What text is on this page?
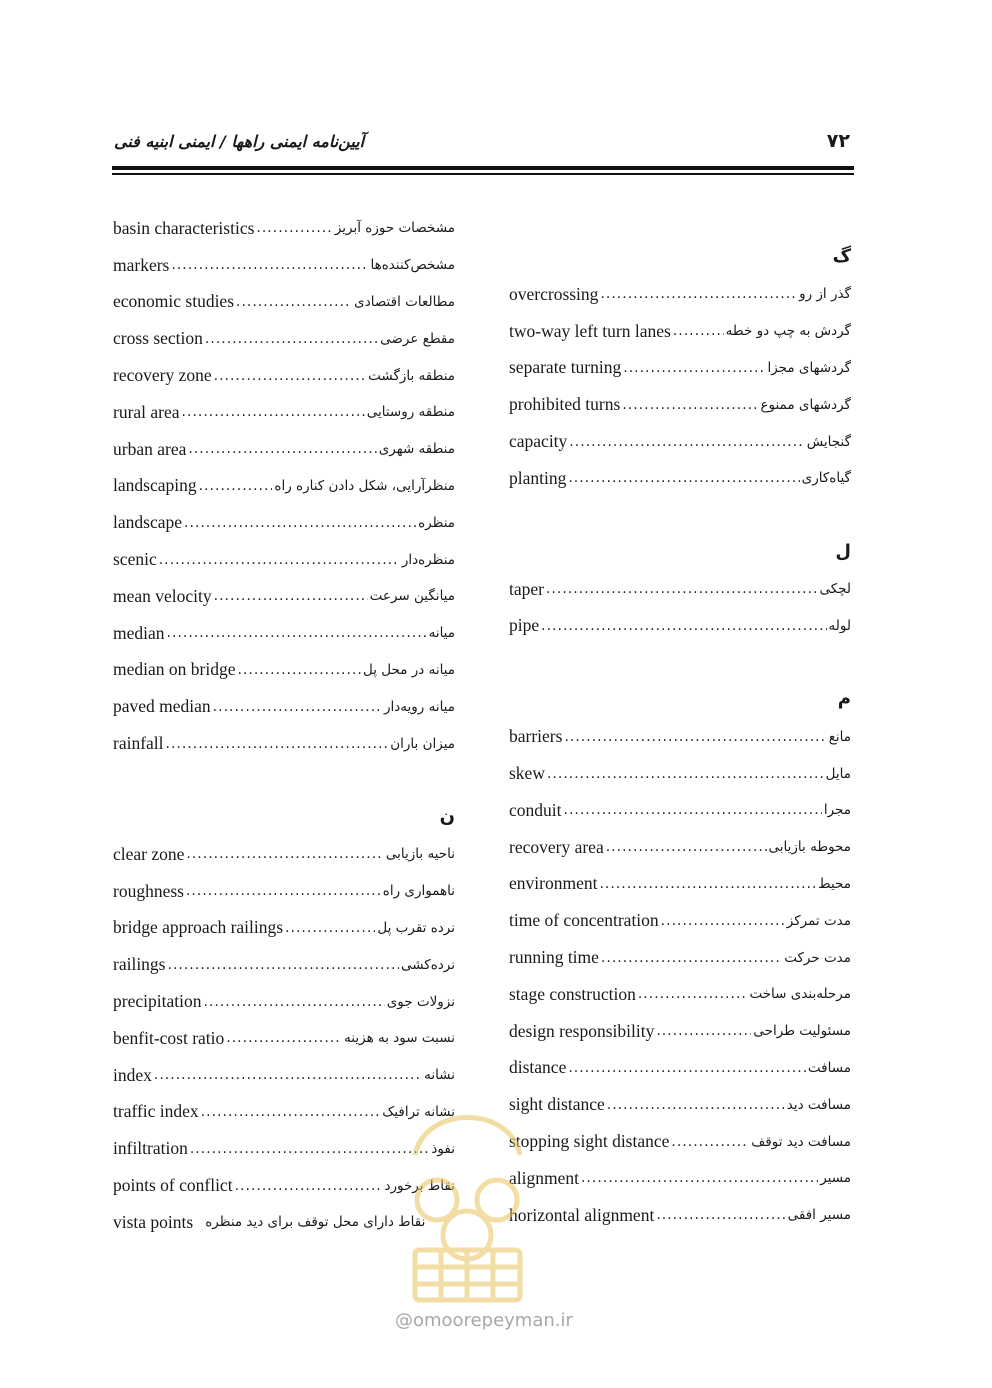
آیین‌نامه ایمنی راهها / ایمنی ابنیه فنی	۷۲
basin characteristics .....	مشخصات حوزه آبریز
markers .....	مشخص‌کننده‌ها
economic studies .....	مطالعات اقتصادی
cross section .....	مقطع عرضی
recovery zone .....	منطقه بازگشت
rural area .....	منطقه روستایی
urban area .....	منطقه شهری
landscaping .....	منظرآرایی، شکل دادن کناره راه
landscape .....	منظره
scenic .....	منظره‌دار
mean velocity .....	میانگین سرعت
median .....	میانه
median on bridge .....	میانه در محل پل
paved median .....	میانه رویه‌دار
rainfall .....	میزان باران
ن
clear zone .....	ناحیه بازیابی
roughness .....	ناهمواری راه
bridge approach railings .....	نرده تقرب پل
railings .....	نرده‌کشی
precipitation .....	نزولات جوی
benfit-cost ratio .....	نسبت سود به هزینه
index .....	نشانه
traffic index .....	نشانه ترافیک
infiltration .....	نفوذ
points of conflict .....	نقاط برخورد
vista points نقاط دارای محل توقف برای دید منظره
گ
overcrossing .....	گذر از رو
two-way left turn lanes .....	گردش به چپ دو خطه
separate turning .....	گردشهای مجزا
prohibited turns .....	گردشهای ممنوع
capacity .....	گنجایش
planting .....	گیاه‌کاری
ل
taper .....	لچکی
pipe .....	لوله
م
barriers .....	مانع
skew .....	مایل
conduit .....	مجرا
recovery area .....	محوطه بازیابی
environment .....	محیط
time of concentration .....	مدت تمرکز
running time .....	مدت حرکت
stage construction .....	مرحله‌بندی ساخت
design responsibility .....	مسئولیت طراحی
distance .....	مسافت
sight distance .....	مسافت دید
stopping sight distance .....	مسافت دید توقف
alignment .....	مسیر
horizontal alignment .....	مسیر افقی
@omoorepeyman.ir
